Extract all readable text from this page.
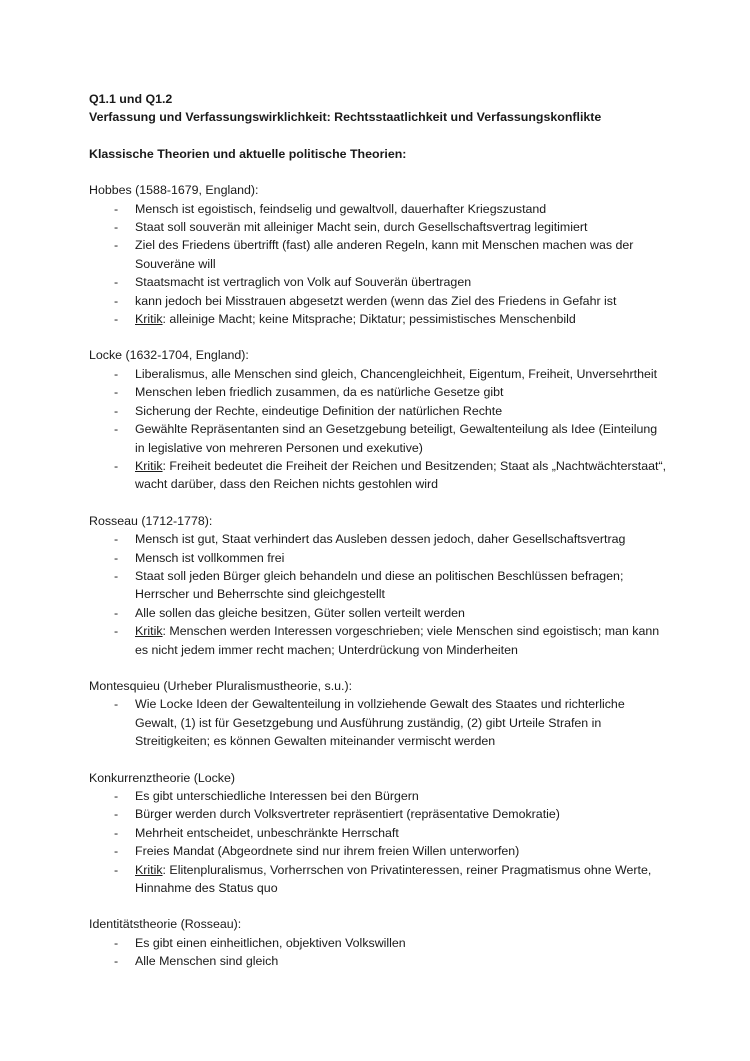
Q1.1 und Q1.2

Verfassung und Verfassungswirklichkeit: Rechtsstaatlichkeit und Verfassungskonflikte

Klassische Theorien und aktuelle politische Theorien:

Hobbes (1588-1679, England):

- Mensch ist egoistisch, feindselig und gewaltvoll, dauerhafter Kriegszustand
- Staat soll souverän mit alleiniger Macht sein, durch Gesellschaftsvertrag legitimiert
- Ziel des Friedens übertrifft (fast) alle anderen Regeln, kann mit Menschen machen was der Souveräne will
- Staatsmacht ist vertraglich von Volk auf Souverän übertragen
- kann jedoch bei Misstrauen abgesetzt werden (wenn das Ziel des Friedens in Gefahr ist
- Kritik: alleinige Macht; keine Mitsprache; Diktatur; pessimistisches Menschenbild

Locke (1632-1704, England):

- Liberalismus, alle Menschen sind gleich, Chancengleichheit, Eigentum, Freiheit, Unversehrtheit
- Menschen leben friedlich zusammen, da es natürliche Gesetze gibt
- Sicherung der Rechte, eindeutige Definition der natürlichen Rechte
- Gewählte Repräsentanten sind an Gesetzgebung beteiligt, Gewaltenteilung als Idee (Einteilung in legislative von mehreren Personen und exekutive)
- Kritik: Freiheit bedeutet die Freiheit der Reichen und Besitzenden; Staat als „Nachtwächterstaat“, wacht darüber, dass den Reichen nichts gestohlen wird

Rosseau (1712-1778):

- Mensch ist gut, Staat verhindert das Ausleben dessen jedoch, daher Gesellschaftsvertrag
- Mensch ist vollkommen frei
- Staat soll jeden Bürger gleich behandeln und diese an politischen Beschlüssen befragen; Herrscher und Beherrschte sind gleichgestellt
- Alle sollen das gleiche besitzen, Güter sollen verteilt werden
- Kritik: Menschen werden Interessen vorgeschrieben; viele Menschen sind egoistisch; man kann es nicht jedem immer recht machen; Unterdrückung von Minderheiten

Montesquieu (Urheber Pluralismustheorie, s.u.):

- Wie Locke Ideen der Gewaltenteilung in vollziehende Gewalt des Staates und richterliche Gewalt, (1) ist für Gesetzgebung und Ausführung zuständig, (2) gibt Urteile Strafen in Streitigkeiten; es können Gewalten miteinander vermischt werden

Konkurrenztheorie (Locke)

- Es gibt unterschiedliche Interessen bei den Bürgern
- Bürger werden durch Volksvertreter repräsentiert (repräsentative Demokratie)
- Mehrheit entscheidet, unbeschränkte Herrschaft
- Freies Mandat (Abgeordnete sind nur ihrem freien Willen unterworfen)
- Kritik: Elitenpluralismus, Vorherrschen von Privatinteressen, reiner Pragmatismus ohne Werte, Hinnahme des Status quo

Identitätstheorie (Rosseau):

- Es gibt einen einheitlichen, objektiven Volkswillen
- Alle Menschen sind gleich
